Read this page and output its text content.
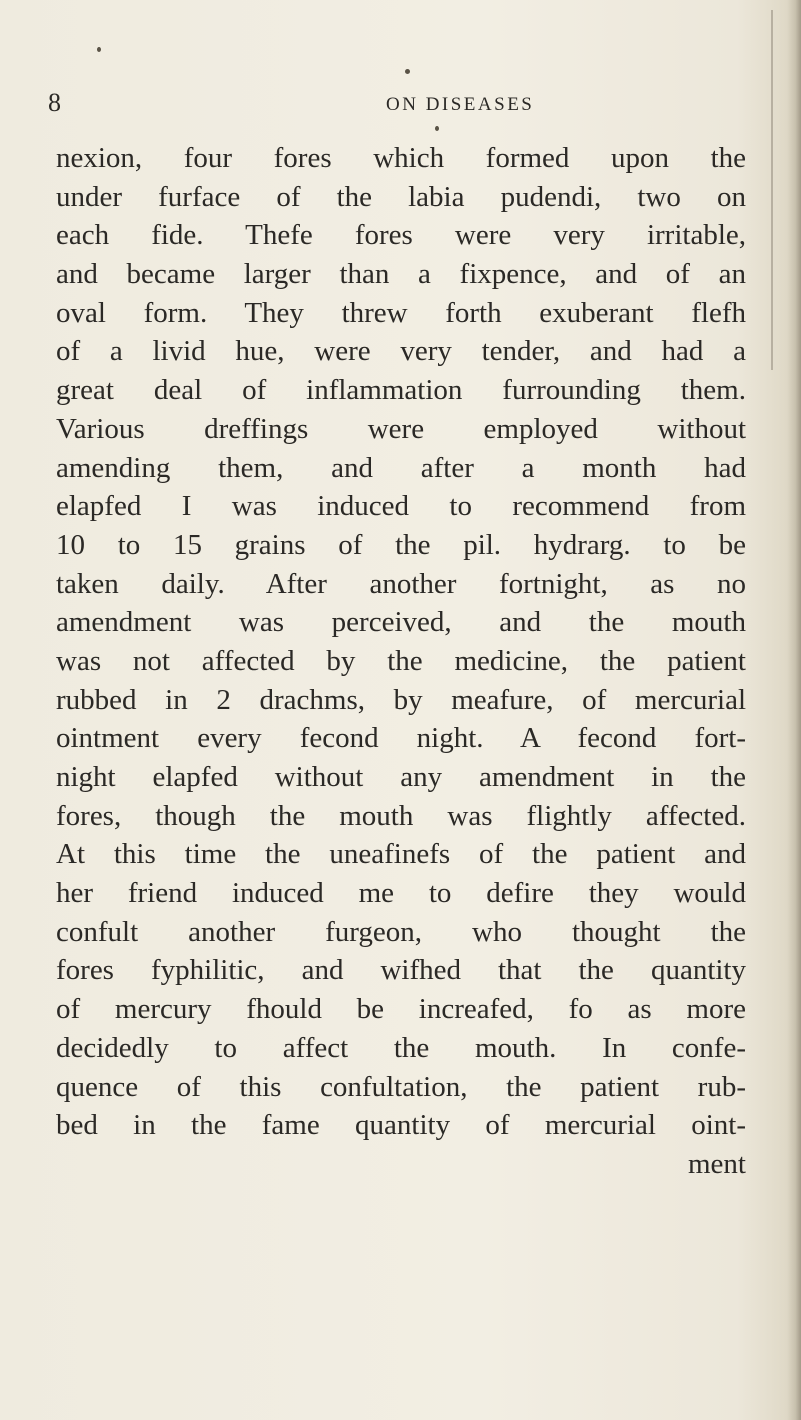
8	ON DISEASES
nexion, four fores which formed upon the
under furface of the labia pudendi, two on
each fide. Thefe fores were very irritable,
and became larger than a fixpence, and of an
oval form. They threw forth exuberant flefh
of a livid hue, were very tender, and had a
great deal of inflammation furrounding them.
Various dreffings were employed without
amending them, and after a month had
elapfed I was induced to recommend from
10 to 15 grains of the pil. hydrarg. to be
taken daily. After another fortnight, as no
amendment was perceived, and the mouth
was not affected by the medicine, the patient
rubbed in 2 drachms, by meafure, of mercurial
ointment every fecond night. A fecond fort-
night elapfed without any amendment in the
fores, though the mouth was flightly affected.
At this time the uneafinefs of the patient and
her friend induced me to defire they would
confult another furgeon, who thought the
fores fyphilitic, and wifhed that the quantity
of mercury fhould be increafed, fo as more
decidedly to affect the mouth. In confe-
quence of this confultation, the patient rub-
bed in the fame quantity of mercurial oint-
ment
